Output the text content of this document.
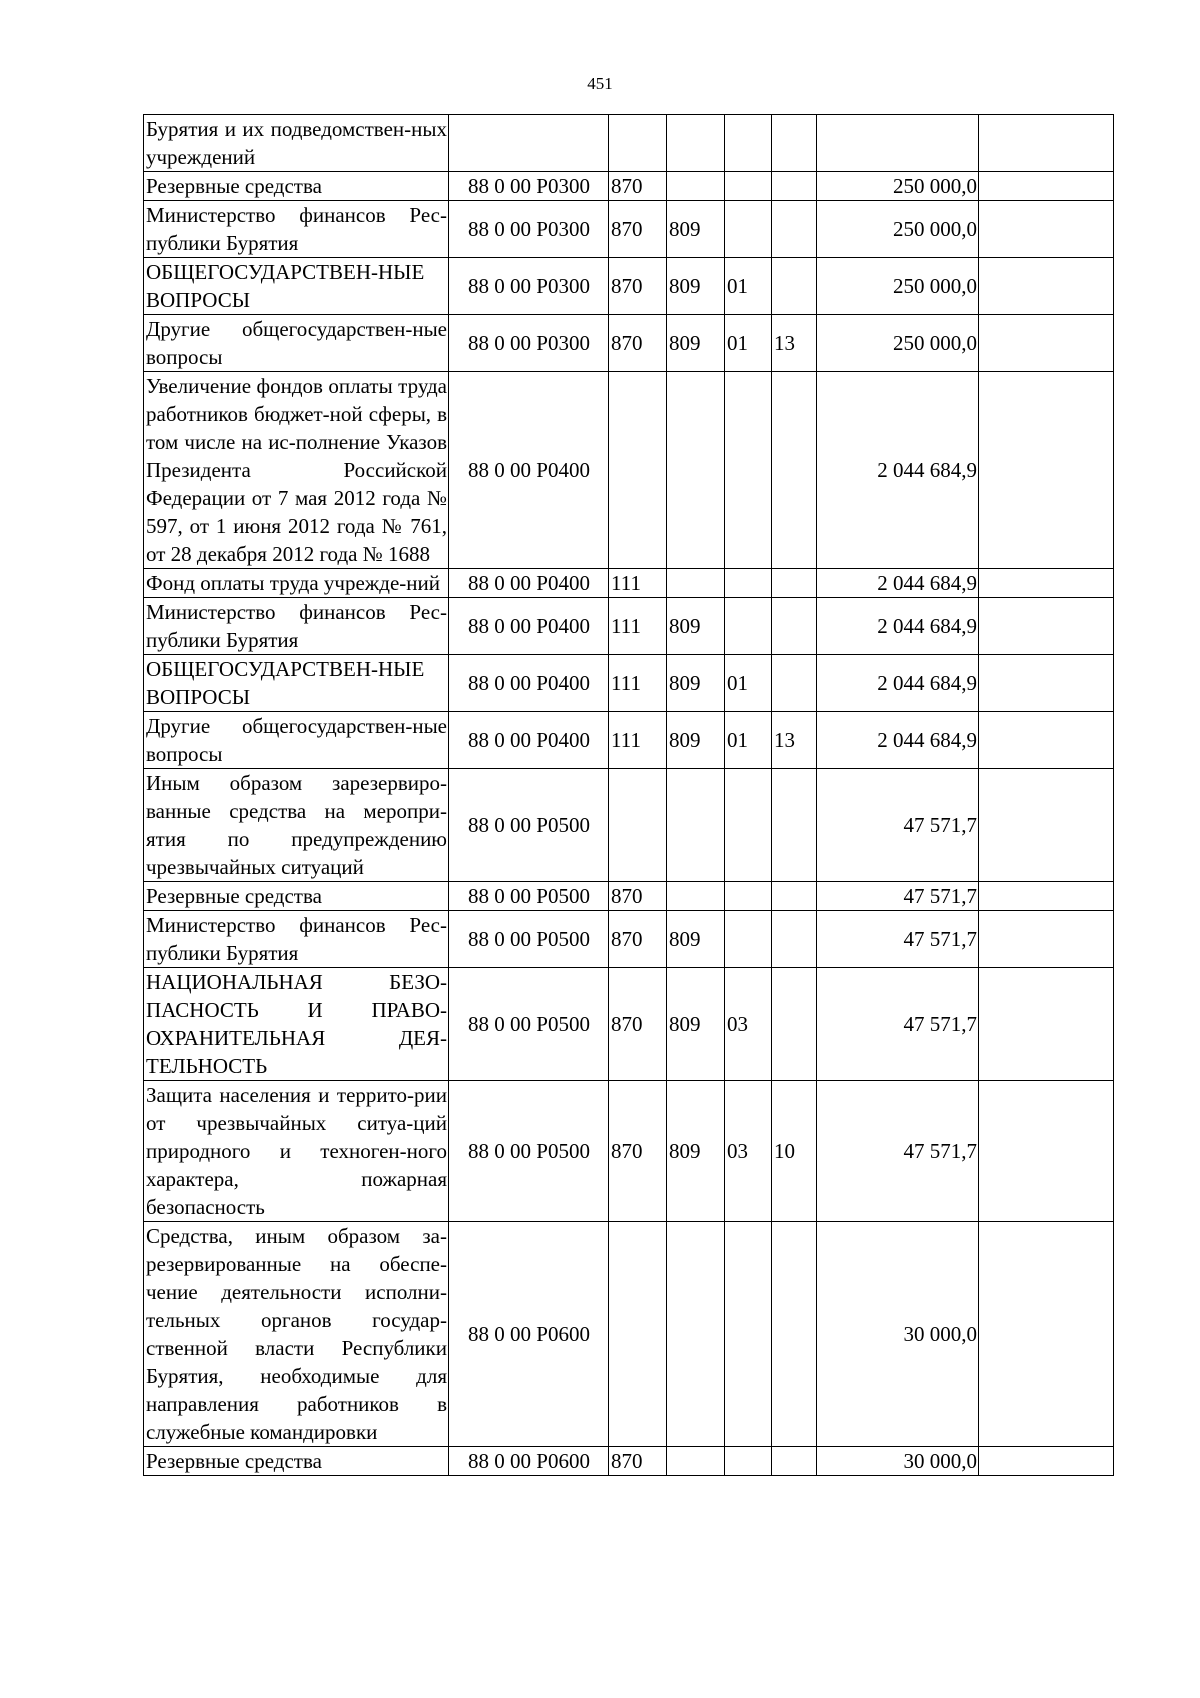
451
Бурятия и их подведомствен-ных учреждений							
Резервные средства	88 0 00 Р0300	870				250 000,0	
Министерство финансов Рес-публики Бурятия	88 0 00 Р0300	870	809			250 000,0	
ОБЩЕГОСУДАРСТВЕН-НЫЕ ВОПРОСЫ	88 0 00 Р0300	870	809	01		250 000,0	
Другие общегосударствен-ные вопросы	88 0 00 Р0300	870	809	01	13	250 000,0	
Увеличение фондов оплаты труда работников бюджет-ной сферы, в том числе на ис-полнение Указов Президента Российской Федерации от 7 мая 2012 года № 597, от 1 июня 2012 года № 761, от 28 декабря 2012 года № 1688	88 0 00 Р0400					2 044 684,9	
Фонд оплаты труда учрежде-ний	88 0 00 Р0400	111				2 044 684,9	
Министерство финансов Рес-публики Бурятия	88 0 00 Р0400	111	809			2 044 684,9	
ОБЩЕГОСУДАРСТВЕН-НЫЕ ВОПРОСЫ	88 0 00 Р0400	111	809	01		2 044 684,9	
Другие общегосударствен-ные вопросы	88 0 00 Р0400	111	809	01	13	2 044 684,9	
Иным образом зарезервиро-ванные средства на меропри-ятия по предупреждению чрезвычайных ситуаций	88 0 00 Р0500					47 571,7	
Резервные средства	88 0 00 Р0500	870				47 571,7	
Министерство финансов Рес-публики Бурятия	88 0 00 Р0500	870	809			47 571,7	
НАЦИОНАЛЬНАЯ БЕЗО-ПАСНОСТЬ И ПРАВО-ОХРАНИТЕЛЬНАЯ ДЕЯ-ТЕЛЬНОСТЬ	88 0 00 Р0500	870	809	03		47 571,7	
Защита населения и террито-рии от чрезвычайных ситуа-ций природного и техноген-ного характера, пожарная безопасность	88 0 00 Р0500	870	809	03	10	47 571,7	
Средства, иным образом за-резервированные на обеспе-чение деятельности исполни-тельных органов государ-ственной власти Республики Бурятия, необходимые для направления работников в служебные командировки	88 0 00 Р0600					30 000,0	
Резервные средства	88 0 00 Р0600	870				30 000,0	
